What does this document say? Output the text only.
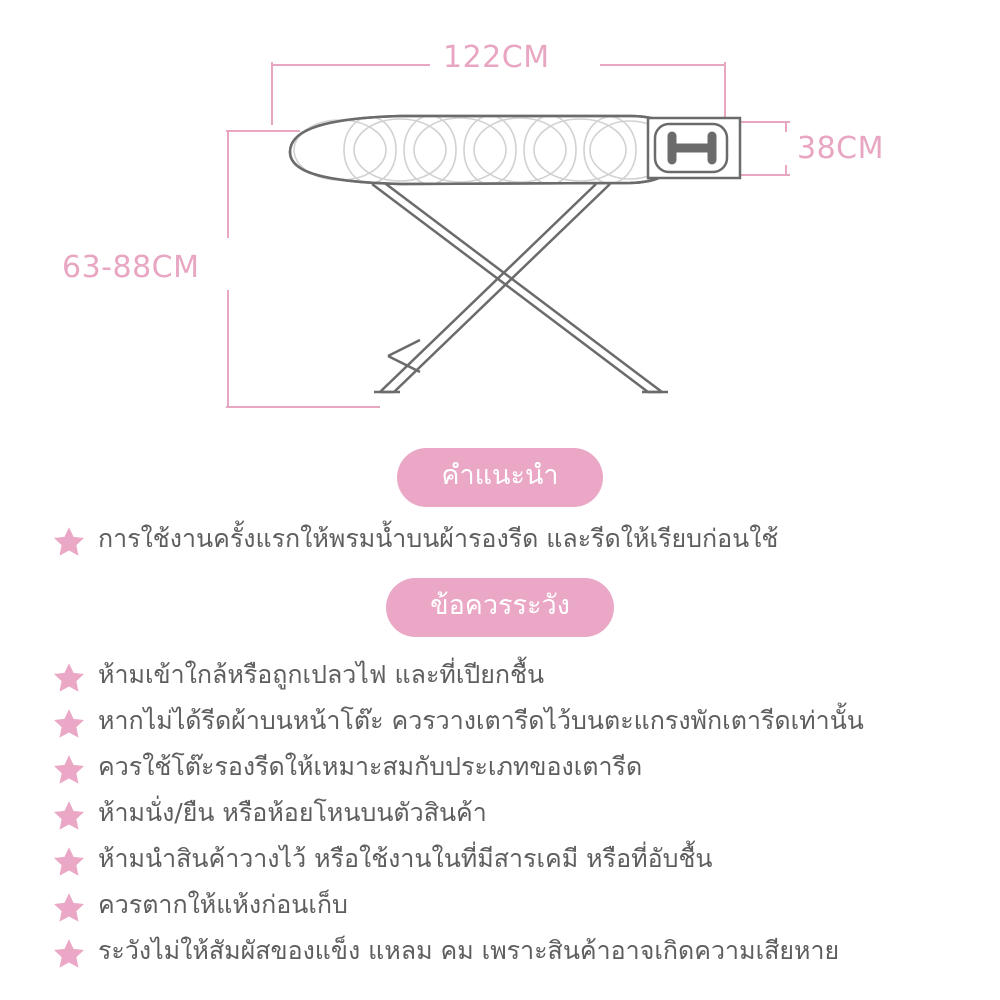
122CM
38CM
63-88CM
คำแนะนำ
การใช้งานครั้งแรกให้พรมน้ำบนผ้ารองรีด และรีดให้เรียบก่อนใช้
ข้อควรระวัง
ห้ามเข้าใกล้หรือถูกเปลวไฟ และที่เปียกชื้น
หากไม่ได้รีดผ้าบนหน้าโต๊ะ ควรวางเตารีดไว้บนตะแกรงพักเตารีดเท่านั้น
ควรใช้โต๊ะรองรีดให้เหมาะสมกับประเภทของเตารีด
ห้ามนั่ง/ยืน หรือห้อยโหนบนตัวสินค้า
ห้ามนำสินค้าวางไว้ หรือใช้งานในที่มีสารเคมี หรือที่อับชื้น
ควรตากให้แห้งก่อนเก็บ
ระวังไม่ให้สัมผัสของแข็ง แหลม คม เพราะสินค้าอาจเกิดความเสียหาย
